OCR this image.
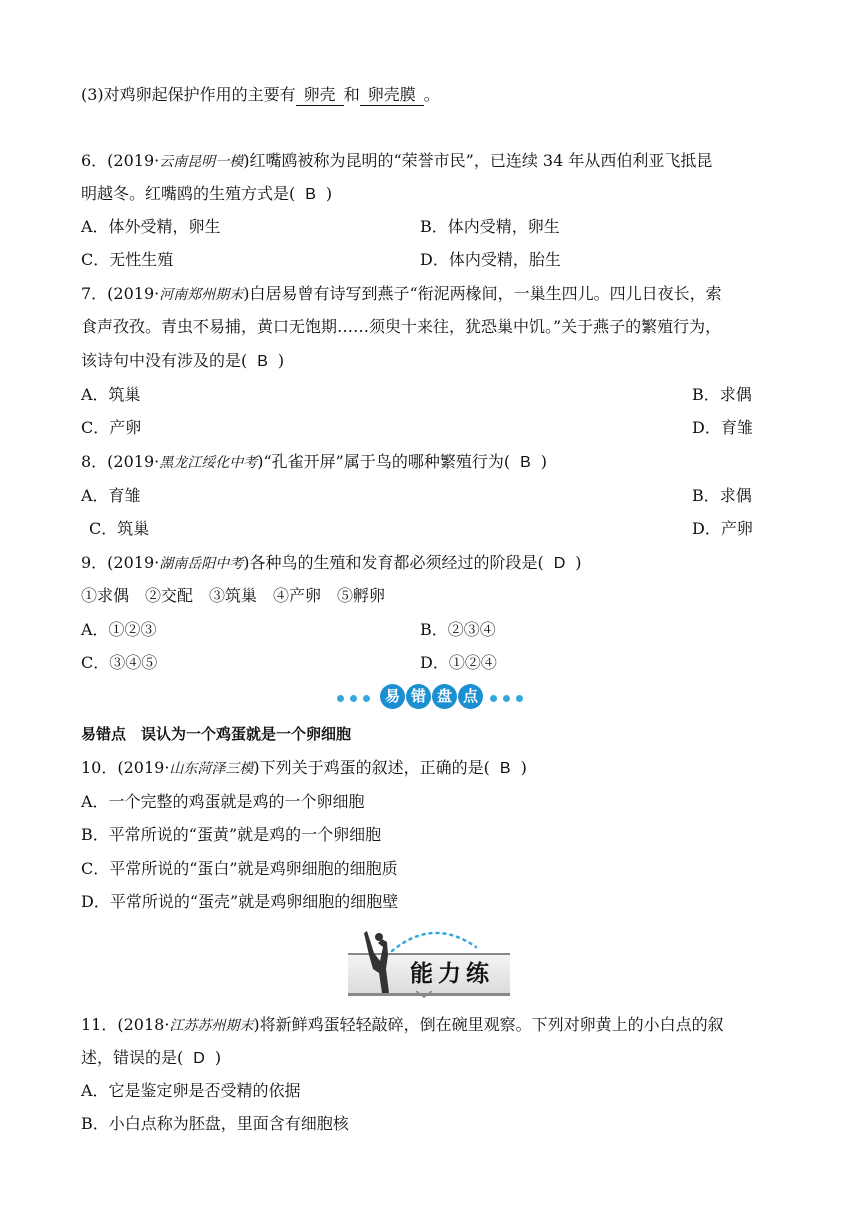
(3)对鸡卵起保护作用的主要有 卵壳 和 卵壳膜 。
6．(2019·云南昆明一模)红嘴鸥被称为昆明的“荣誉市民”，已连续 34 年从西伯利亚飞抵昆
明越冬。红嘴鸥的生殖方式是( B )
A．体外受精，卵生	B．体内受精，卵生
C．无性生殖	D．体内受精，胎生
7．(2019·河南郑州期末)白居易曾有诗写到燕子“衔泥两椽间，一巢生四儿。四儿日夜长，索
食声孜孜。青虫不易捕，黄口无饱期……须臾十来往，犹恐巢中饥。”关于燕子的繁殖行为，
该诗句中没有涉及的是( B )
A．筑巢	B．求偶
C．产卵	D．育雏
8．(2019·黑龙江绥化中考)“孔雀开屏”属于鸟的哪种繁殖行为( B )
A．育雏	B．求偶
C．筑巢	D．产卵
9．(2019·湖南岳阳中考)各种鸟的生殖和发育都必须经过的阶段是( D )
①求偶　②交配　③筑巢　④产卵　⑤孵卵
A．①②③	B．②③④
C．③④⑤	D．①②④
易 错 盘 点
易错点　误认为一个鸡蛋就是一个卵细胞
10．(2019·山东菏泽三模)下列关于鸡蛋的叙述，正确的是( B )
A．一个完整的鸡蛋就是鸡的一个卵细胞
B．平常所说的“蛋黄”就是鸡的一个卵细胞
C．平常所说的“蛋白”就是鸡卵细胞的细胞质
D．平常所说的“蛋壳”就是鸡卵细胞的细胞壁
能力练
11．(2018·江苏苏州期末)将新鲜鸡蛋轻轻敲碎，倒在碗里观察。下列对卵黄上的小白点的叙
述，错误的是( D )
A．它是鉴定卵是否受精的依据
B．小白点称为胚盘，里面含有细胞核
